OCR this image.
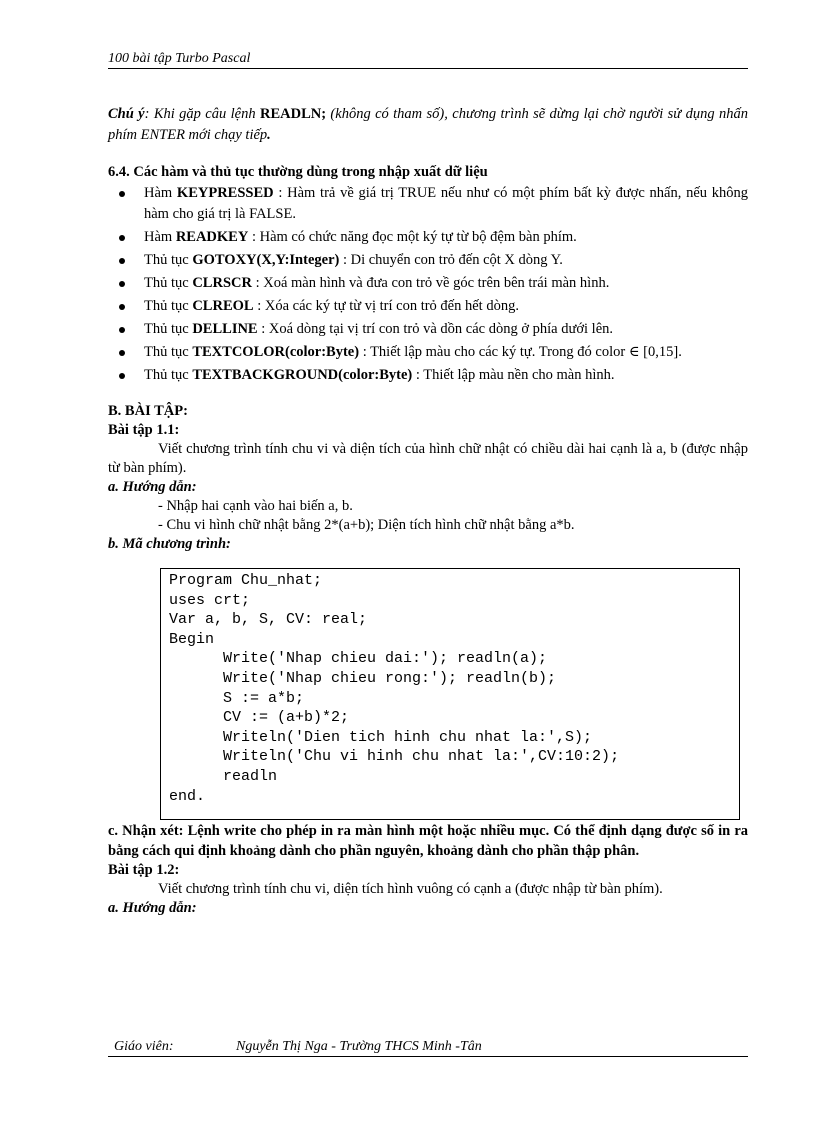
100 bài tập Turbo Pascal

Chú ý: Khi gặp câu lệnh READLN; (không có tham số), chương trình sẽ dừng lại chờ người sử dụng nhấn phím ENTER mới chạy tiếp.

6.4. Các hàm và thủ tục thường dùng trong nhập xuất dữ liệu
Hàm KEYPRESSED : Hàm trả về giá trị TRUE nếu như có một phím bất kỳ được nhấn, nếu không hàm cho giá trị là FALSE.
Hàm READKEY : Hàm có chức năng đọc một ký tự từ bộ đệm bàn phím.
Thủ tục GOTOXY(X,Y:Integer) : Di chuyển con trỏ đến cột X dòng Y.
Thủ tục CLRSCR : Xoá màn hình và đưa con trỏ về góc trên bên trái màn hình.
Thủ tục CLREOL : Xóa các ký tự từ vị trí con trỏ đến hết dòng.
Thủ tục DELLINE : Xoá dòng tại vị trí con trỏ và dồn các dòng ở phía dưới lên.
Thủ tục TEXTCOLOR(color:Byte) : Thiết lập màu cho các ký tự. Trong đó color ∈ [0,15].
Thủ tục TEXTBACKGROUND(color:Byte) : Thiết lập màu nền cho màn hình.
B. BÀI TẬP:
Bài tập 1.1:
Viết chương trình tính chu vi và diện tích của hình chữ nhật có chiều dài hai cạnh là a, b (được nhập từ bàn phím).
a. Hướng dẫn:
- Nhập hai cạnh vào hai biến a, b.
- Chu vi hình chữ nhật bằng 2*(a+b); Diện tích hình chữ nhật bằng a*b.
b. Mã chương trình:
Program Chu_nhat;
uses crt;
Var a, b, S, CV: real;
Begin
Write('Nhap chieu dai:'); readln(a);
Write('Nhap chieu rong:'); readln(b);
S := a*b;
CV := (a+b)*2;
Writeln('Dien tich hinh chu nhat la:',S);
Writeln('Chu vi hinh chu nhat la:',CV:10:2);
readln
end.
c. Nhận xét: Lệnh write cho phép in ra màn hình một hoặc nhiều mục. Có thể định dạng được số in ra bằng cách qui định khoảng dành cho phần nguyên, khoảng dành cho phần thập phân.
Bài tập 1.2:
Viết chương trình tính chu vi, diện tích hình vuông có cạnh a (được nhập từ bàn phím).
a. Hướng dẫn:
Giáo viên:	Nguyễn Thị Nga - Trường THCS Minh -Tân
